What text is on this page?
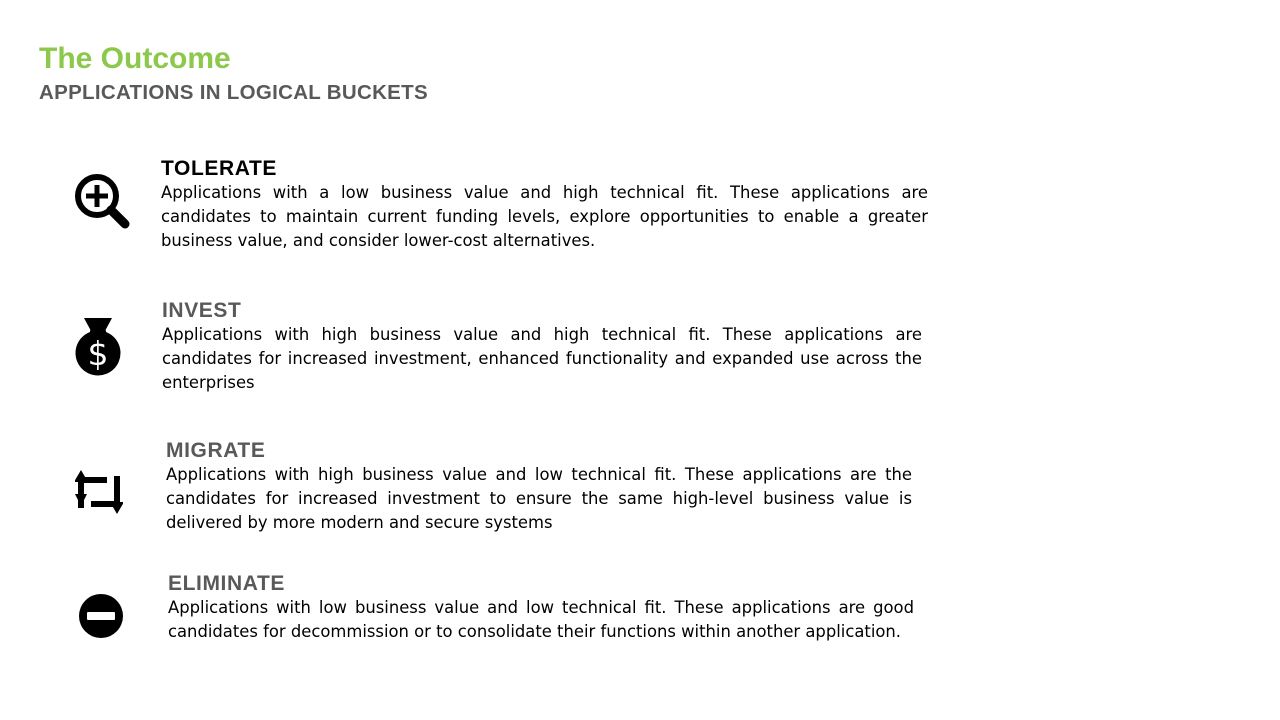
The Outcome
APPLICATIONS IN LOGICAL BUCKETS
TOLERATE

Applications with a low business value and high technical fit. These applications are candidates to maintain current funding levels, explore opportunities to enable a greater business value, and consider lower-cost alternatives.

$
INVEST

Applications with high business value and high technical fit. These applications are candidates for increased investment, enhanced functionality and expanded use across the enterprises

MIGRATE

Applications with high business value and low technical fit. These applications are the candidates for increased investment to ensure the same high-level business value is delivered by more modern and secure systems

ELIMINATE

Applications with low business value and low technical fit. These applications are good candidates for decommission or to consolidate their functions within another application.
